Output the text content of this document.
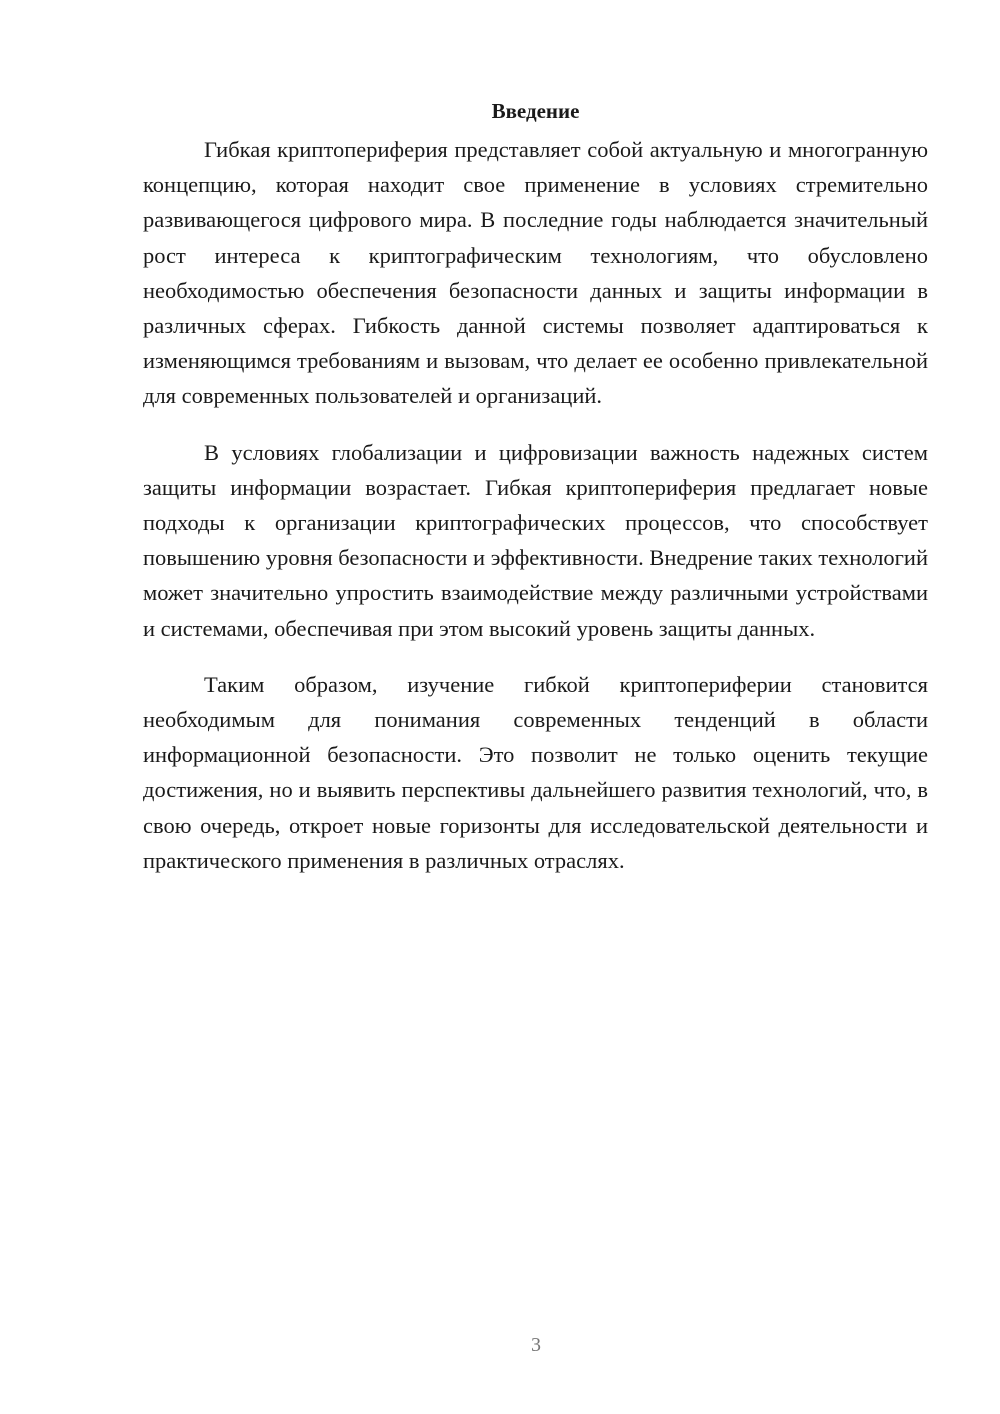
Введение

Гибкая криптопериферия представляет собой актуальную и многогранную концепцию, которая находит свое применение в условиях стремительно развивающегося цифрового мира. В последние годы наблюдается значительный рост интереса к криптографическим технологиям, что обусловлено необходимостью обеспечения безопасности данных и защиты информации в различных сферах. Гибкость данной системы позволяет адаптироваться к изменяющимся требованиям и вызовам, что делает ее особенно привлекательной для современных пользователей и организаций.

В условиях глобализации и цифровизации важность надежных систем защиты информации возрастает. Гибкая криптопериферия предлагает новые подходы к организации криптографических процессов, что способствует повышению уровня безопасности и эффективности. Внедрение таких технологий может значительно упростить взаимодействие между различными устройствами и системами, обеспечивая при этом высокий уровень защиты данных.

Таким образом, изучение гибкой криптопериферии становится необходимым для понимания современных тенденций в области информационной безопасности. Это позволит не только оценить текущие достижения, но и выявить перспективы дальнейшего развития технологий, что, в свою очередь, откроет новые горизонты для исследовательской деятельности и практического применения в различных отраслях.

3
